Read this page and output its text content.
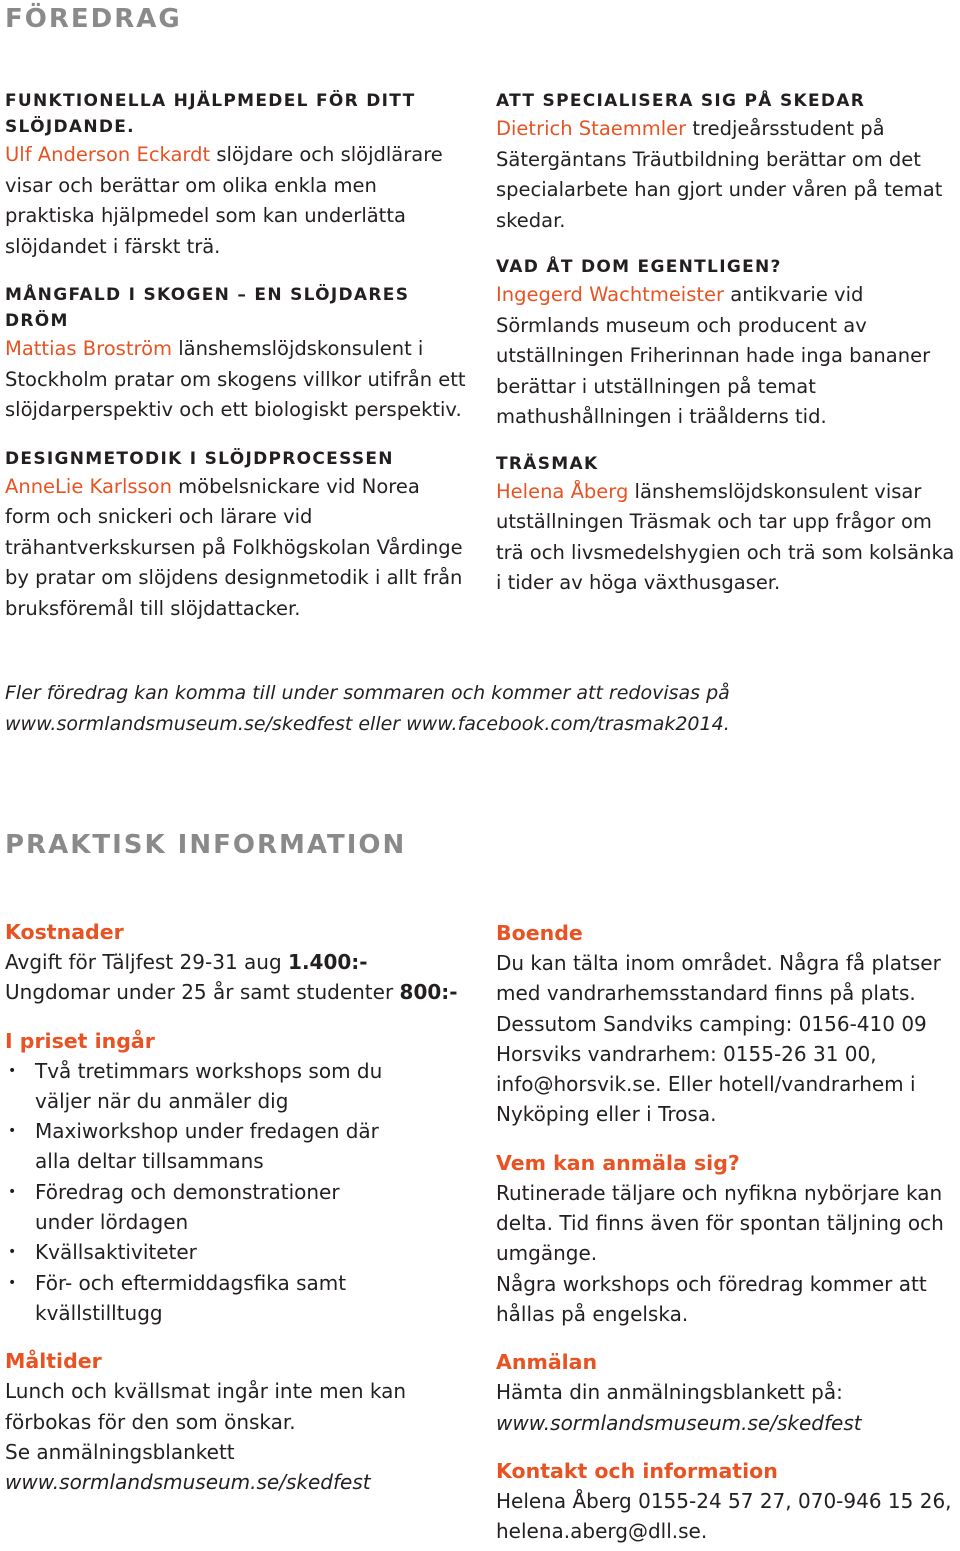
FÖREDRAG

FUNKTIONELLA HJÄLPMEDEL FÖR DITT SLÖJDANDE.

Ulf Anderson Eckardt slöjdare och slöjdlärare visar och berättar om olika enkla men praktiska hjälpmedel som kan underlätta slöjdandet i färskt trä.

MÅNGFALD I SKOGEN – EN SLÖJDARES DRÖM

Mattias Broström länshemslöjdskonsulent i Stockholm pratar om skogens villkor utifrån ett slöjdarperspektiv och ett biologiskt perspektiv.

DESIGNMETODIK I SLÖJDPROCESSEN

AnneLie Karlsson möbelsnickare vid Norea form och snickeri och lärare vid trähantverkskursen på Folkhögskolan Vårdinge by pratar om slöjdens designmetodik i allt från bruksföremål till slöjdattacker.

ATT SPECIALISERA SIG PÅ SKEDAR

Dietrich Staemmler tredjeårsstudent på Sätergäntans Träutbildning berättar om det specialarbete han gjort under våren på temat skedar.

VAD ÅT DOM EGENTLIGEN?

Ingegerd Wachtmeister antikvarie vid Sörmlands museum och producent av utställningen Friherinnan hade inga bananer berättar i utställningen på temat mathushållningen i träålderns tid.

TRÄSMAK

Helena Åberg länshemslöjdskonsulent visar utställningen Träsmak och tar upp frågor om trä och livsmedelshygien och trä som kolsänka i tider av höga växthusgaser.

Fler föredrag kan komma till under sommaren och kommer att redovisas på www.sormlandsmuseum.se/skedfest eller www.facebook.com/trasmak2014.

PRAKTISK INFORMATION

Kostnader

Avgift för Täljfest 29-31 aug 1.400:-

Ungdomar under 25 år samt studenter 800:-

I priset ingår

• Två tretimmars workshops som du väljer när du anmäler dig
• Maxiworkshop under fredagen där alla deltar tillsammans
• Föredrag och demonstrationer under lördagen
• Kvällsaktiviteter
• För- och eftermiddagsfika samt kvällstilltugg

Måltider

Lunch och kvällsmat ingår inte men kan förbokas för den som önskar.

Se anmälningsblankett

www.sormlandsmuseum.se/skedfest

Boende

Du kan tälta inom området. Några få platser med vandrarhemsstandard finns på plats. Dessutom Sandviks camping: 0156-410 09 Horsviks vandrarhem: 0155-26 31 00, info@horsvik.se. Eller hotell/vandrarhem i Nyköping eller i Trosa.

Vem kan anmäla sig?

Rutinerade täljare och nyfikna nybörjare kan delta. Tid finns även för spontan täljning och umgänge.

Några workshops och föredrag kommer att hållas på engelska.

Anmälan

Hämta din anmälningsblankett på:

www.sormlandsmuseum.se/skedfest

Kontakt och information

Helena Åberg 0155-24 57 27, 070-946 15 26, helena.aberg@dll.se.
